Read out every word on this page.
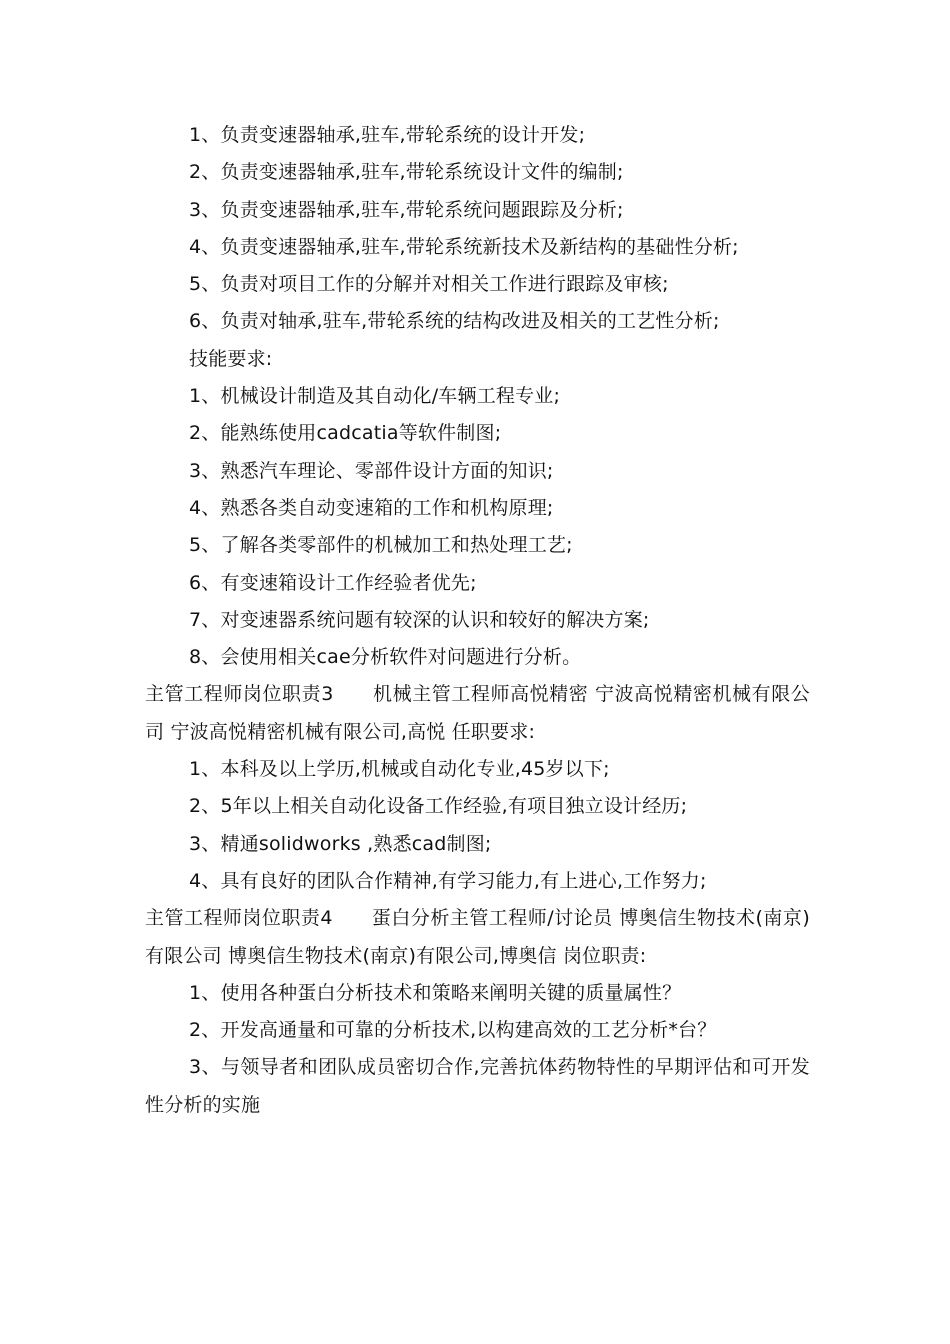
1、负责变速器轴承,驻车,带轮系统的设计开发;

2、负责变速器轴承,驻车,带轮系统设计文件的编制;

3、负责变速器轴承,驻车,带轮系统问题跟踪及分析;

4、负责变速器轴承,驻车,带轮系统新技术及新结构的基础性分析;

5、负责对项目工作的分解并对相关工作进行跟踪及审核;

6、负责对轴承,驻车,带轮系统的结构改进及相关的工艺性分析;

技能要求:

1、机械设计制造及其自动化/车辆工程专业;

2、能熟练使用cadcatia等软件制图;

3、熟悉汽车理论、零部件设计方面的知识;

4、熟悉各类自动变速箱的工作和机构原理;

5、了解各类零部件的机械加工和热处理工艺;

6、有变速箱设计工作经验者优先;

7、对变速器系统问题有较深的认识和较好的解决方案;

8、会使用相关cae分析软件对问题进行分析。

主管工程师岗位职责3　　机械主管工程师高悦精密 宁波高悦精密机械有限公司 宁波高悦精密机械有限公司,高悦 任职要求:

1、本科及以上学历,机械或自动化专业,45岁以下;

2、5年以上相关自动化设备工作经验,有项目独立设计经历;

3、精通solidworks ,熟悉cad制图;

4、具有良好的团队合作精神,有学习能力,有上进心,工作努力;

主管工程师岗位职责4　　蛋白分析主管工程师/讨论员 博奥信生物技术(南京)有限公司 博奥信生物技术(南京)有限公司,博奥信 岗位职责:

1、使用各种蛋白分析技术和策略来阐明关键的质量属性？

2、开发高通量和可靠的分析技术,以构建高效的工艺分析*台？

3、与领导者和团队成员密切合作,完善抗体药物特性的早期评估和可开发性分析的实施
